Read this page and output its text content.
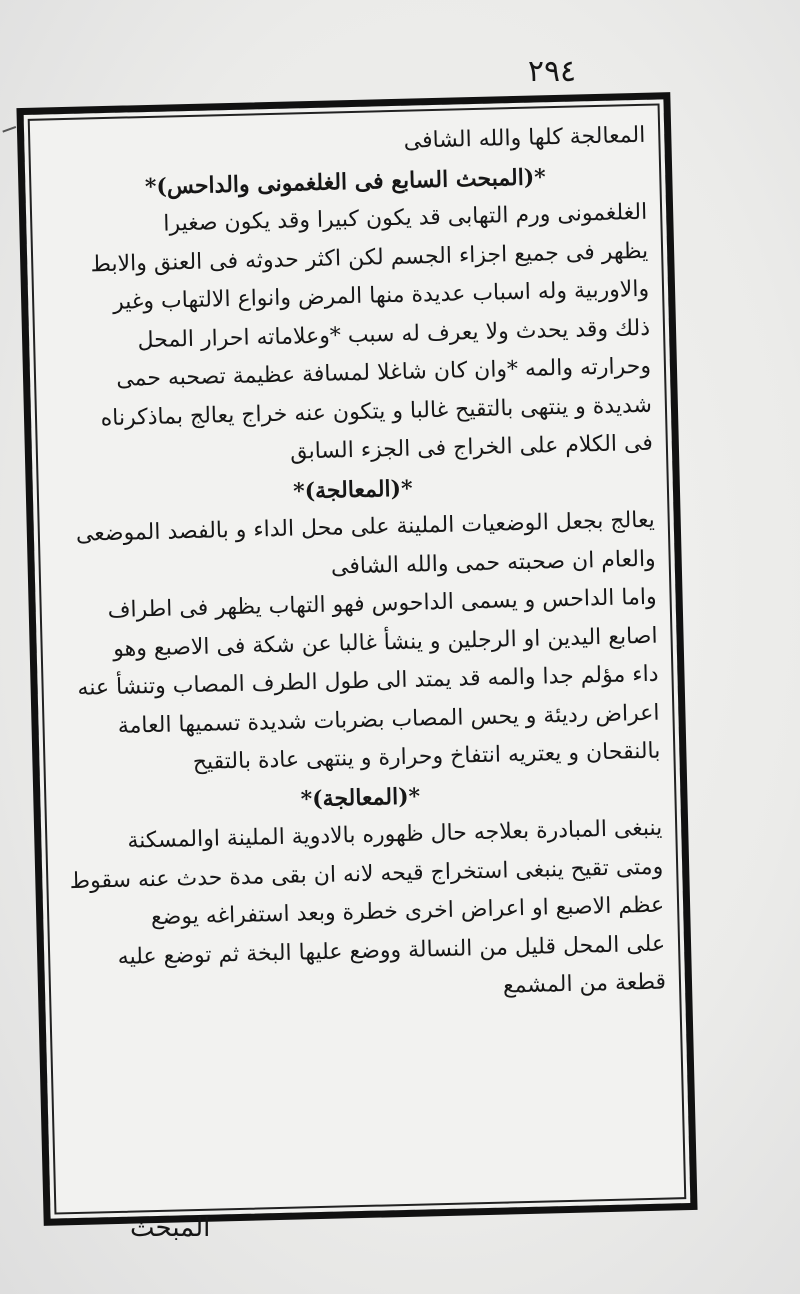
٢٩٤
المعالجة كلها والله الشافى
*(المبحث السابع فى الغلغمونى والداحس)*
الغلغمونى ورم التهابى قد يكون كبيرا وقد يكون صغيرا
يظهر فى جميع اجزاء الجسم لكن اكثر حدوثه فى العنق والابط
والاوربية وله اسباب عديدة منها المرض وانواع الالتهاب وغير
ذلك وقد يحدث ولا يعرف له سبب *وعلاماته احرار المحل
وحرارته والمه *وان كان شاغلا لمسافة عظيمة تصحبه حمى
شديدة و ينتهى بالتقيح غالبا و يتكون عنه خراج يعالج بماذكرناه
فى الكلام على الخراج فى الجزء السابق
*(المعالجة)*
يعالج بجعل الوضعيات الملينة على محل الداء و بالفصد الموضعى
والعام ان صحبته حمى والله الشافى
واما الداحس و يسمى الداحوس فهو التهاب يظهر فى اطراف
اصابع اليدين او الرجلين و ينشأ غالبا عن شكة فى الاصبع وهو
داء مؤلم جدا والمه قد يمتد الى طول الطرف المصاب وتنشأ عنه
اعراض رديئة و يحس المصاب بضربات شديدة تسميها العامة
بالنقحان و يعتريه انتفاخ وحرارة و ينتهى عادة بالتقيح
*(المعالجة)*
ينبغى المبادرة بعلاجه حال ظهوره بالادوية الملينة اوالمسكنة
ومتى تقيح ينبغى استخراج قيحه لانه ان بقى مدة حدث عنه سقوط
عظم الاصبع او اعراض اخرى خطرة وبعد استفراغه يوضع
على المحل قليل من النسالة ووضع عليها البخة ثم توضع عليه
قطعة من المشمع
المبحث
